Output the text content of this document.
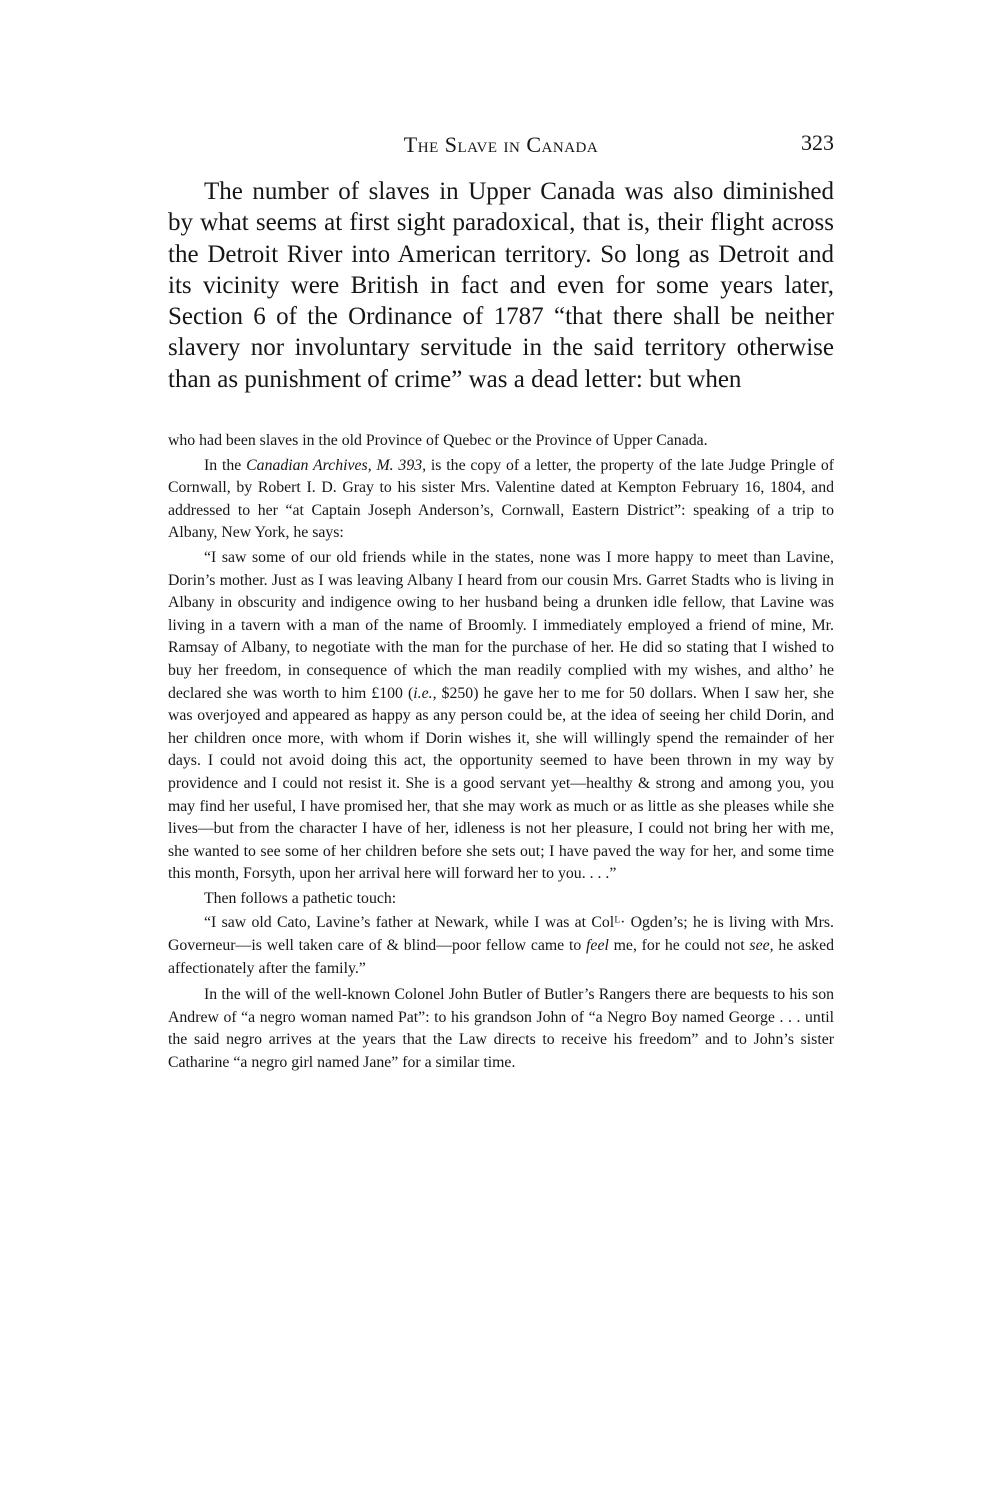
The Slave in Canada	323

The number of slaves in Upper Canada was also diminished by what seems at first sight paradoxical, that is, their flight across the Detroit River into American territory. So long as Detroit and its vicinity were British in fact and even for some years later, Section 6 of the Ordinance of 1787 “that there shall be neither slavery nor involuntary servitude in the said territory otherwise than as punishment of crime” was a dead letter: but when

who had been slaves in the old Province of Quebec or the Province of Upper Canada.

In the Canadian Archives, M. 393, is the copy of a letter, the property of the late Judge Pringle of Cornwall, by Robert I. D. Gray to his sister Mrs. Valentine dated at Kempton February 16, 1804, and addressed to her “at Captain Joseph Anderson’s, Cornwall, Eastern District”: speaking of a trip to Albany, New York, he says:

“I saw some of our old friends while in the states, none was I more happy to meet than Lavine, Dorin’s mother. Just as I was leaving Albany I heard from our cousin Mrs. Garret Stadts who is living in Albany in obscurity and indigence owing to her husband being a drunken idle fellow, that Lavine was living in a tavern with a man of the name of Broomly. I immediately employed a friend of mine, Mr. Ramsay of Albany, to negotiate with the man for the purchase of her. He did so stating that I wished to buy her freedom, in consequence of which the man readily complied with my wishes, and altho’ he declared she was worth to him £100 (i.e., $250) he gave her to me for 50 dollars. When I saw her, she was overjoyed and appeared as happy as any person could be, at the idea of seeing her child Dorin, and her children once more, with whom if Dorin wishes it, she will willingly spend the remainder of her days. I could not avoid doing this act, the opportunity seemed to have been thrown in my way by providence and I could not resist it. She is a good servant yet—healthy & strong and among you, you may find her useful, I have promised her, that she may work as much or as little as she pleases while she lives—but from the character I have of her, idleness is not her pleasure, I could not bring her with me, she wanted to see some of her children before she sets out; I have paved the way for her, and some time this month, Forsyth, upon her arrival here will forward her to you. . . .”

Then follows a pathetic touch:

“I saw old Cato, Lavine’s father at Newark, while I was at Colᴸ· Ogden’s; he is living with Mrs. Governeur—is well taken care of & blind—poor fellow came to feel me, for he could not see, he asked affectionately after the family.”

In the will of the well-known Colonel John Butler of Butler’s Rangers there are bequests to his son Andrew of “a negro woman named Pat”: to his grandson John of “a Negro Boy named George . . . until the said negro arrives at the years that the Law directs to receive his freedom” and to John’s sister Catharine “a negro girl named Jane” for a similar time.
